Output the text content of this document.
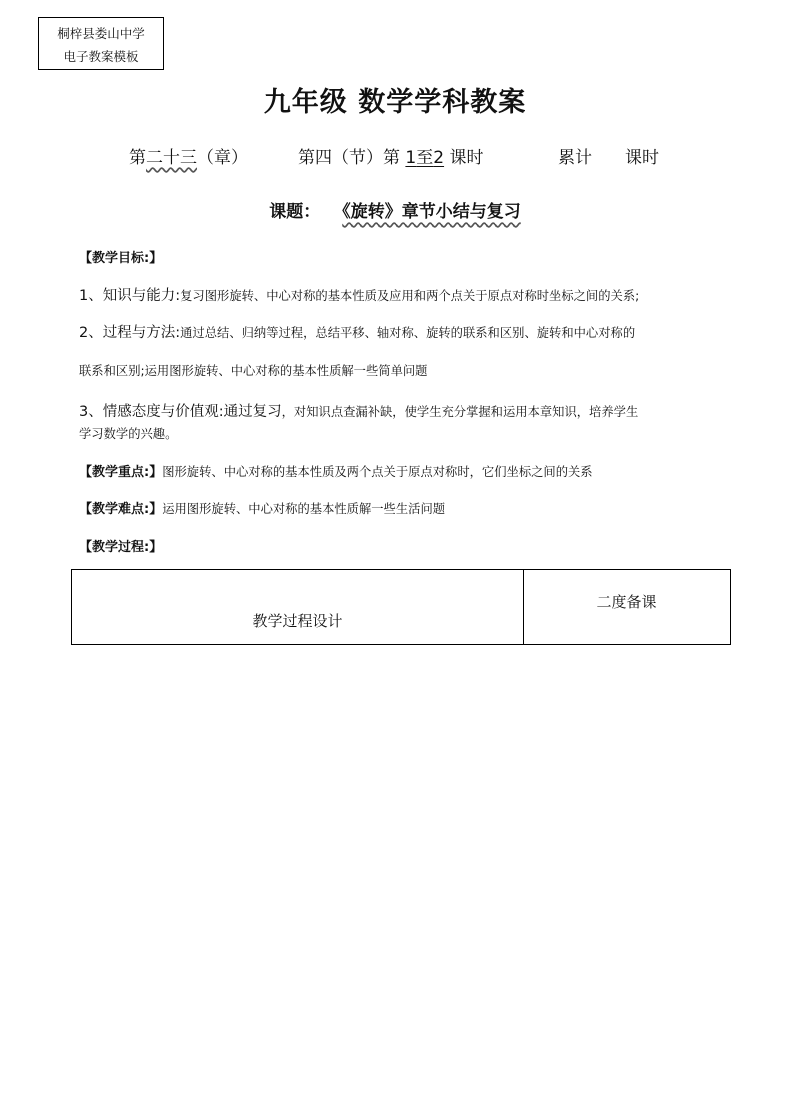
桐梓县娄山中学
电子教案模板
九年级 数学学科教案
第二十三（章）	第四（节）第 1至2 课时	累计 课时
课题： 《旋转》章节小结与复习
【教学目标:】
1、知识与能力:复习图形旋转、中心对称的基本性质及应用和两个点关于原点对称时坐标之间的关系;
2、过程与方法:通过总结、归纳等过程，总结平移、轴对称、旋转的联系和区别、旋转和中心对称的
联系和区别;运用图形旋转、中心对称的基本性质解一些简单问题
3、情感态度与价值观:通过复习，对知识点查漏补缺，使学生充分掌握和运用本章知识，培养学生
学习数学的兴趣。
【教学重点:】图形旋转、中心对称的基本性质及两个点关于原点对称时，它们坐标之间的关系
【教学难点:】运用图形旋转、中心对称的基本性质解一些生活问题
【教学过程:】
教学过程设计
二度备课
